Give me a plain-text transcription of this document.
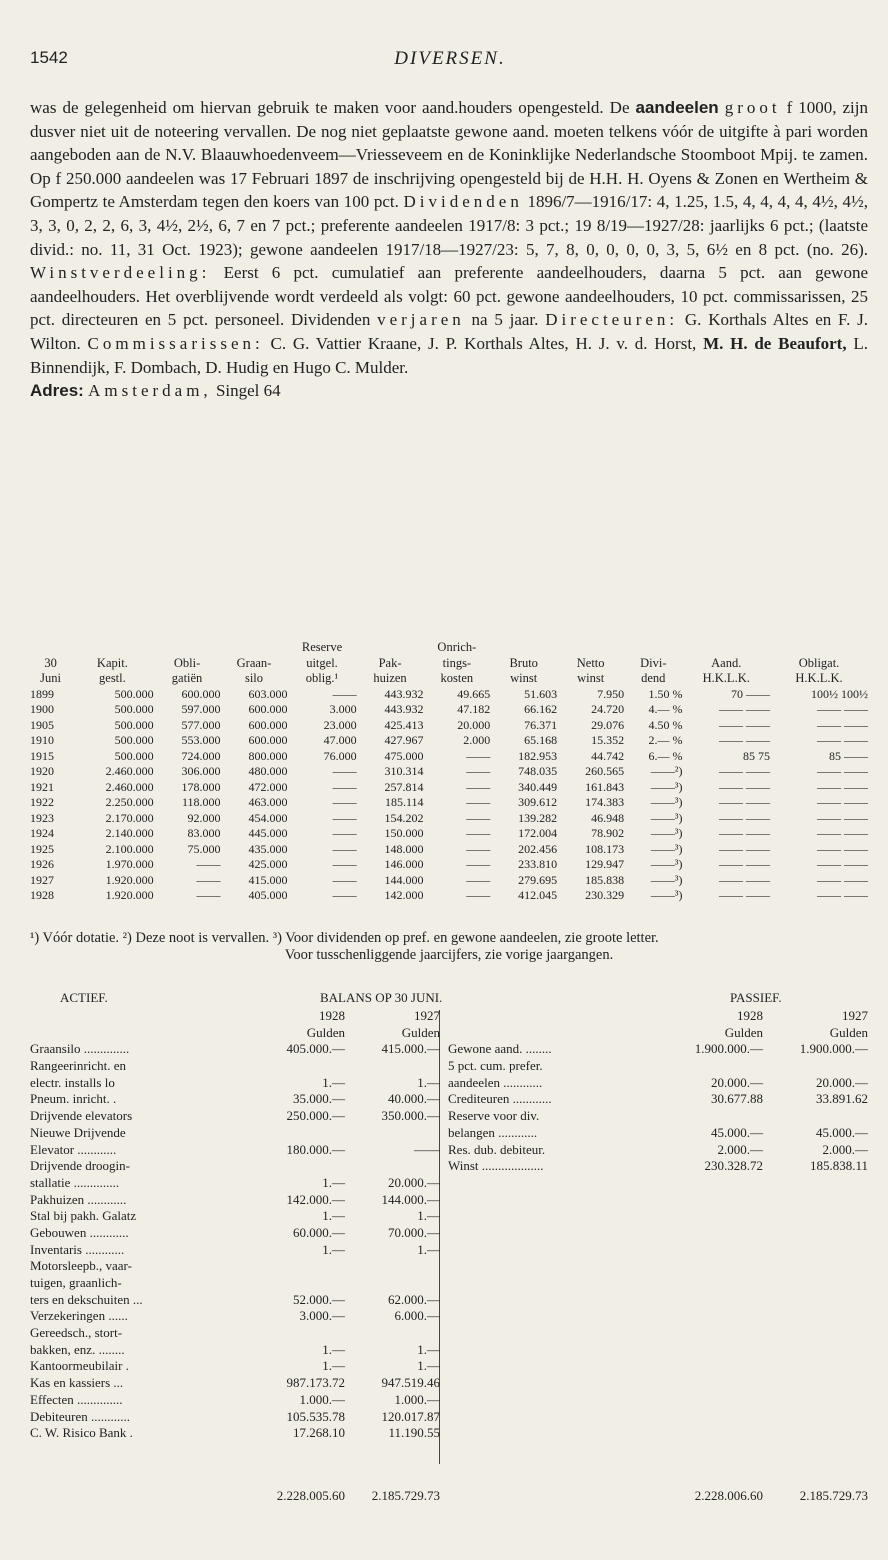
1542	DIVERSEN.

was de gelegenheid om hiervan gebruik te maken voor aand.houders opengesteld. De aandeelen groot f 1000, zijn dusver niet uit de noteering vervallen. De nog niet geplaatste gewone aand. moeten telkens vóór de uitgifte à pari worden aangeboden aan de N.V. Blaauwhoedenveem—Vriesseveem en de Koninklijke Nederlandsche Stoomboot Mpij. te zamen. Op f 250.000 aandeelen was 17 Februari 1897 de inschrijving opengesteld bij de H.H. H. Oyens & Zonen en Wertheim & Gompertz te Amsterdam tegen den koers van 100 pct. Dividenden 1896/7—1916/17: 4, 1.25, 1.5, 4, 4, 4, 4, 4½, 4½, 3, 3, 0, 2, 2, 6, 3, 4½, 2½, 6, 7 en 7 pct.; preferente aandeelen 1917/8: 3 pct.; 19 8/19—1927/28: jaarlijks 6 pct.; (laatste divid.: no. 11, 31 Oct. 1923); gewone aandeelen 1917/18—1927/23: 5, 7, 8, 0, 0, 0, 0, 3, 5, 6½ en 8 pct. (no. 26). Winstverdeeling: Eerst 6 pct. cumulatief aan preferente aandeelhouders, daarna 5 pct. aan gewone aandeelhouders. Het overblijvende wordt verdeeld als volgt: 60 pct. gewone aandeelhouders, 10 pct. commissarissen, 25 pct. directeuren en 5 pct. personeel. Dividenden verjaren na 5 jaar. Directeuren: G. Korthals Altes en F. J. Wilton. Commissarissen: C. G. Vattier Kraane, J. P. Korthals Altes, H. J. v. d. Horst, M. H. de Beaufort, L. Binnendijk, F. Dombach, D. Hudig en Hugo C. Mulder.

Adres: Amsterdam, Singel 64

				Reserve		Onrich-					
30	Kapit.	Obli-	Graan-	uitgel.	Pak-	tings-	Bruto	Netto	Divi-	Aand.	Obligat.
Juni	gestl.	gatiën	silo	oblig.¹	huizen	kosten	winst	winst	dend	H.K.L.K.	H.K.L.K.
1899	500.000	600.000	603.000	——	443.932	49.665	51.603	7.950	1.50 %	70 ——	100½ 100½
1900	500.000	597.000	600.000	3.000	443.932	47.182	66.162	24.720	4.— %	—— ——	—— ——
1905	500.000	577.000	600.000	23.000	425.413	20.000	76.371	29.076	4.50 %	—— ——	—— ——
1910	500.000	553.000	600.000	47.000	427.967	2.000	65.168	15.352	2.— %	—— ——	—— ——
1915	500.000	724.000	800.000	76.000	475.000	——	182.953	44.742	6.— %	85 75	85 ——
1920	2.460.000	306.000	480.000	——	310.314	——	748.035	260.565	——²)	—— ——	—— ——
1921	2.460.000	178.000	472.000	——	257.814	——	340.449	161.843	——³)	—— ——	—— ——
1922	2.250.000	118.000	463.000	——	185.114	——	309.612	174.383	——³)	—— ——	—— ——
1923	2.170.000	92.000	454.000	——	154.202	——	139.282	46.948	——³)	—— ——	—— ——
1924	2.140.000	83.000	445.000	——	150.000	——	172.004	78.902	——³)	—— ——	—— ——
1925	2.100.000	75.000	435.000	——	148.000	——	202.456	108.173	——³)	—— ——	—— ——
1926	1.970.000	——	425.000	——	146.000	——	233.810	129.947	——³)	—— ——	—— ——
1927	1.920.000	——	415.000	——	144.000	——	279.695	185.838	——³)	—— ——	—— ——
1928	1.920.000	——	405.000	——	142.000	——	412.045	230.329	——³)	—— ——	—— ——

¹) Vóór dotatie. ²) Deze noot is vervallen. ³) Voor dividenden op pref. en gewone aandeelen, zie groote letter.

Voor tusschenliggende jaarcijfers, zie vorige jaargangen.

ACTIEF.	BALANS OP 30 JUNI.	PASSIEF.
1928	1927
Gulden	Gulden
Graansilo ..............	405.000.—	415.000.—
Rangeerinricht. en
electr. installs lo	1.—	1.—
Pneum. inricht. .	35.000.—	40.000.—
Drijvende elevators	250.000.—	350.000.—
Nieuwe Drijvende
Elevator ............	180.000.—	——
Drijvende droogin-
stallatie ..............	1.—	20.000.—
Pakhuizen ............	142.000.—	144.000.—
Stal bij pakh. Galatz	1.—	1.—
Gebouwen ............	60.000.—	70.000.—
Inventaris ............	1.—	1.—
Motorsleepb., vaar-
tuigen, graanlich-
ters en dekschuiten ...	52.000.—	62.000.—
Verzekeringen ......	3.000.—	6.000.—
Gereedsch., stort-
bakken, enz. ........	1.—	1.—
Kantoormeubilair .	1.—	1.—
Kas en kassiers ...	987.173.72	947.519.46
Effecten ..............	1.000.—	1.000.—
Debiteuren ............	105.535.78	120.017.87
C. W. Risico Bank .	17.268.10	11.190.55
1928	1927
Gulden	Gulden
Gewone aand. ........	1.900.000.—	1.900.000.—
5 pct. cum. prefer.
aandeelen ............	20.000.—	20.000.—
Crediteuren ............	30.677.88	33.891.62
Reserve voor div.
belangen ............	45.000.—	45.000.—
Res. dub. debiteur.	2.000.—	2.000.—
Winst ...................	230.328.72	185.838.11
2.228.005.60	2.185.729.73	2.228.006.60	2.185.729.73
